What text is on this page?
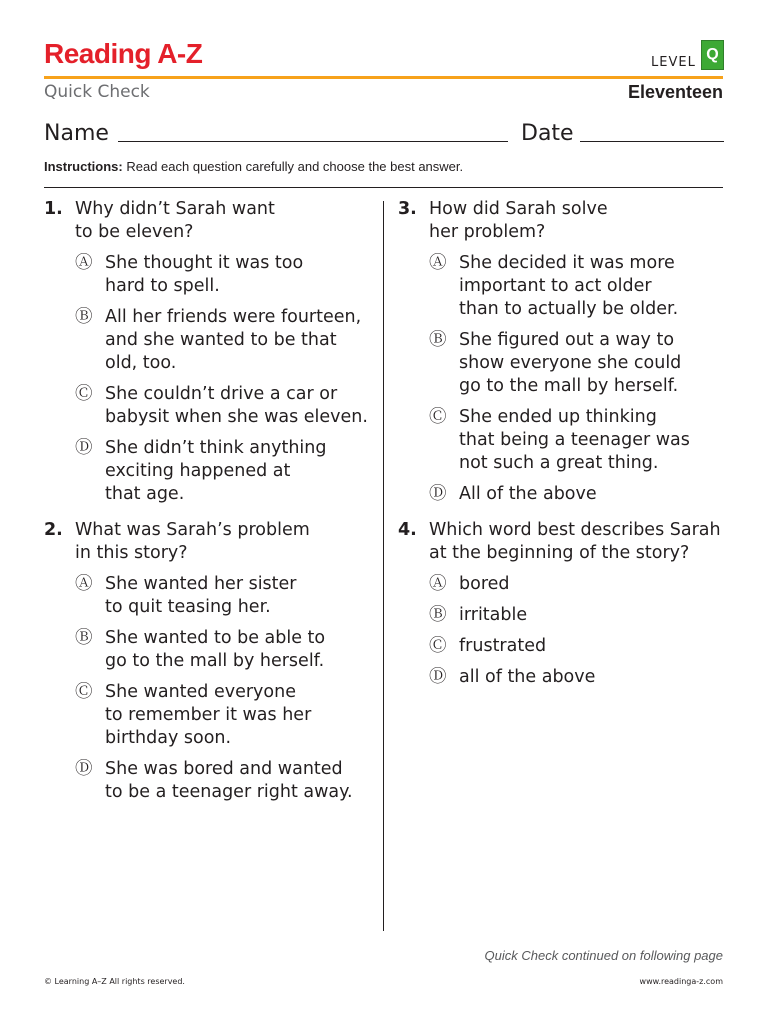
Reading A-Z	LEVEL Q
Quick Check	Eleventeen
Name	Date
Instructions: Read each question carefully and choose the best answer.
1. Why didn’t Sarah want
to be eleven?
Ⓐ She thought it was too
hard to spell.
Ⓑ All her friends were fourteen,
and she wanted to be that
old, too.
Ⓒ She couldn’t drive a car or
babysit when she was eleven.
Ⓓ She didn’t think anything
exciting happened at
that age.
2. What was Sarah’s problem
in this story?
Ⓐ She wanted her sister
to quit teasing her.
Ⓑ She wanted to be able to
go to the mall by herself.
Ⓒ She wanted everyone
to remember it was her
birthday soon.
Ⓓ She was bored and wanted
to be a teenager right away.
3. How did Sarah solve
her problem?
Ⓐ She decided it was more
important to act older
than to actually be older.
Ⓑ She figured out a way to
show everyone she could
go to the mall by herself.
Ⓒ She ended up thinking
that being a teenager was
not such a great thing.
Ⓓ All of the above
4. Which word best describes Sarah
at the beginning of the story?
Ⓐ bored
Ⓑ irritable
Ⓒ frustrated
Ⓓ all of the above
Quick Check continued on following page
© Learning A–Z All rights reserved.	www.readinga-z.com
